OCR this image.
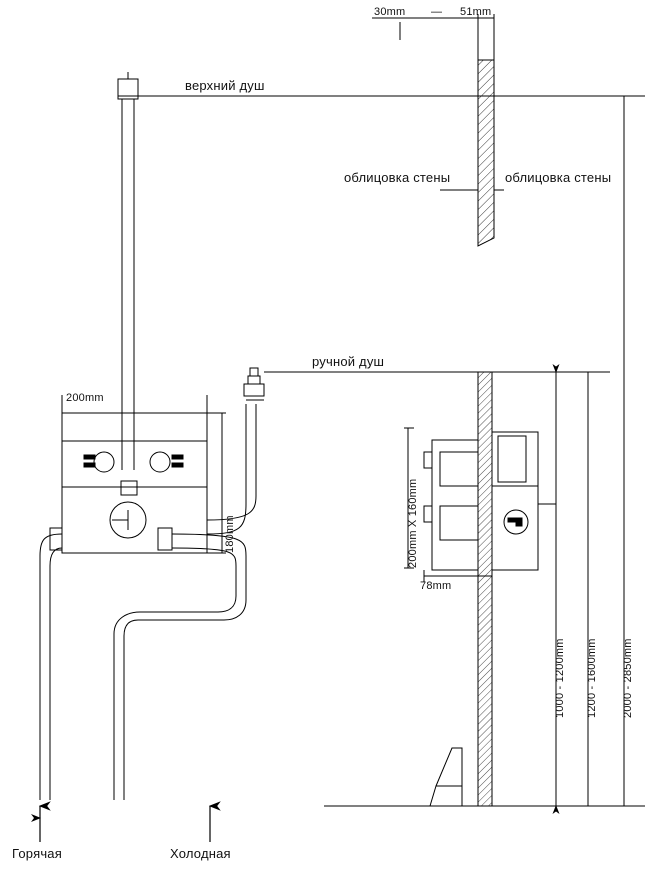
верхний душ
ручной душ
облицовка стены	облицовка стены
30mm — 51mm
200mm
180mm	200mm X 160mm
78mm
1000 - 1200mm 1200 - 1600mm 2000 - 2850mm
Горячая	Холодная
